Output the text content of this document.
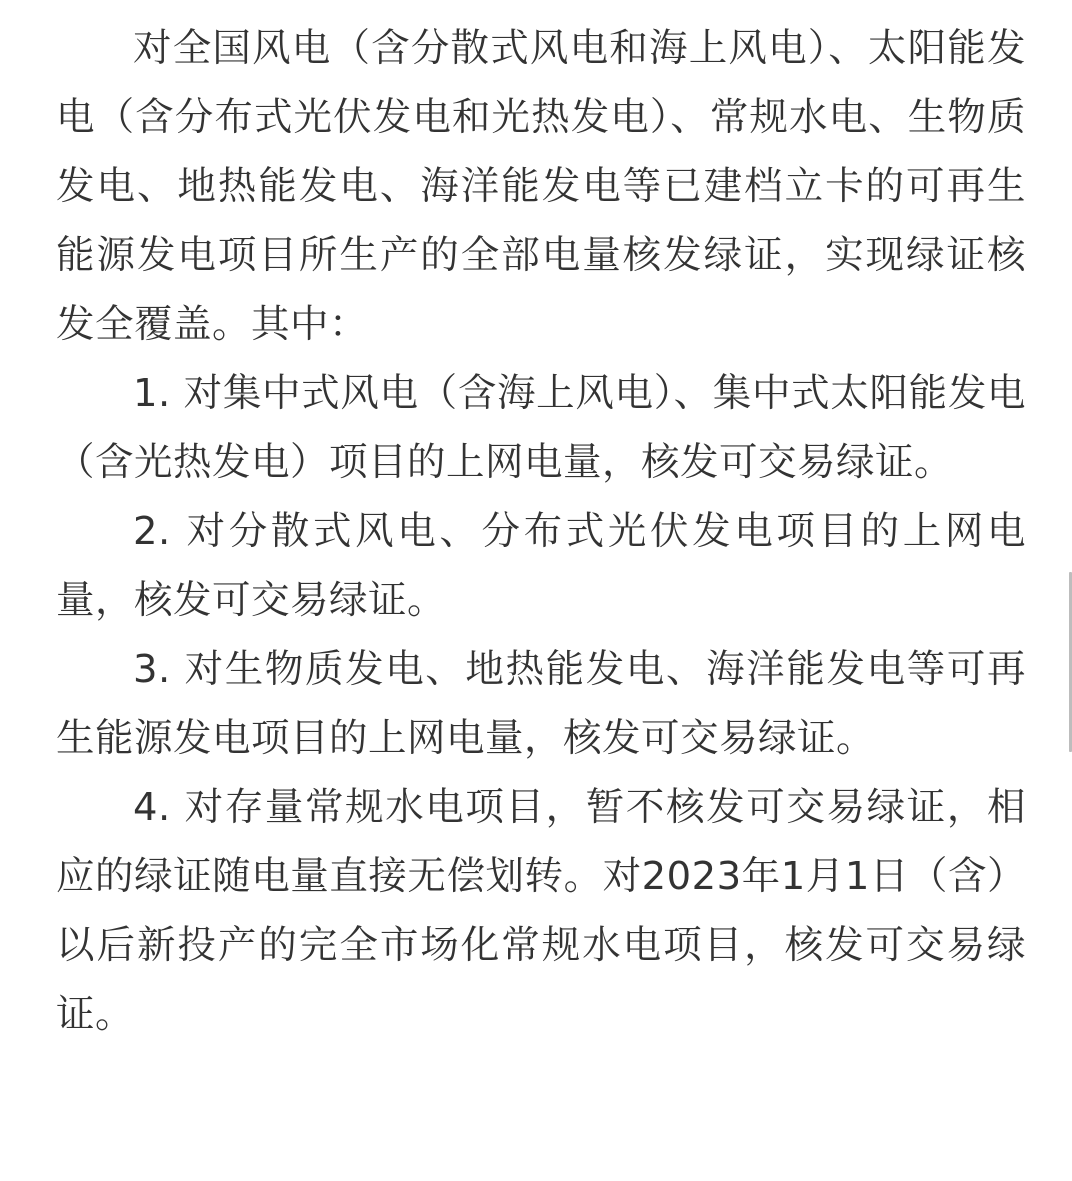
对全国风电（含分散式风电和海上风电）、太阳能发电（含分布式光伏发电和光热发电）、常规水电、生物质发电、地热能发电、海洋能发电等已建档立卡的可再生能源发电项目所生产的全部电量核发绿证，实现绿证核发全覆盖。其中：

1. 对集中式风电（含海上风电）、集中式太阳能发电（含光热发电）项目的上网电量，核发可交易绿证。

2. 对分散式风电、分布式光伏发电项目的上网电量，核发可交易绿证。

3. 对生物质发电、地热能发电、海洋能发电等可再生能源发电项目的上网电量，核发可交易绿证。

4. 对存量常规水电项目，暂不核发可交易绿证，相应的绿证随电量直接无偿划转。对2023年1月1日（含）以后新投产的完全市场化常规水电项目，核发可交易绿证。
